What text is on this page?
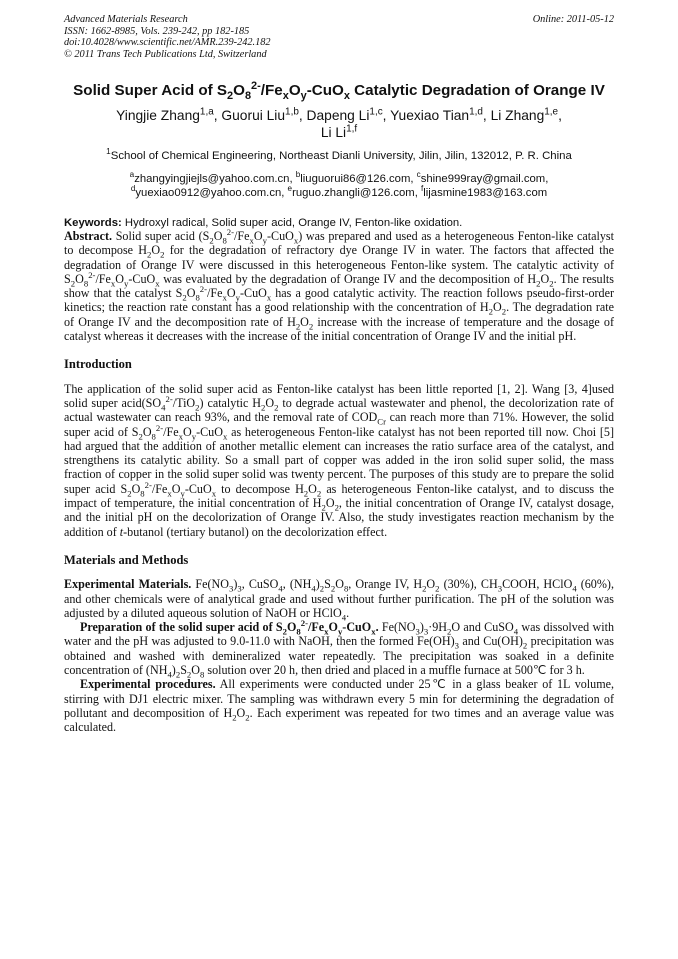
Advanced Materials Research
ISSN: 1662-8985, Vols. 239-242, pp 182-185
doi:10.4028/www.scientific.net/AMR.239-242.182
© 2011 Trans Tech Publications Ltd, Switzerland
Online: 2011-05-12
Solid Super Acid of $S_2O_8^{2-}/Fe_xO_y-CuO_x$ Catalytic Degradation of Orange IV
Yingjie Zhang$^{1,a}$, Guorui Liu$^{1,b}$, Dapeng Li$^{1,c}$, Yuexiao Tian$^{1,d}$, Li Zhang$^{1,e}$,
Li Li$^{1,f}$
$^1$School of Chemical Engineering, Northeast Dianli University, Jilin, Jilin, 132012, P. R. China
$^a$zhangyingjiejls@yahoo.com.cn, $^b$liuguorui86@126.com, $^c$shine999ray@gmail.com,
$^d$yuexiao0912@yahoo.com.cn, $^e$ruguo.zhangli@126.com, $^f$lijasmine1983@163.com
Keywords: Hydroxyl radical, Solid super acid, Orange IV, Fenton-like oxidation.

Abstract. Solid super acid $(S_2O_8^{2-}/Fe_xO_y-CuO_x)$ was prepared and used as a heterogeneous Fenton-like catalyst to decompose $H_2O_2$ for the degradation of refractory dye Orange IV in water. The factors that affected the degradation of Orange IV were discussed in this heterogeneous Fenton-like system. The catalytic activity of $S_2O_8^{2-}/Fe_xO_y-CuO_x$ was evaluated by the degradation of Orange IV and the decomposition of $H_2O_2$. The results show that the catalyst $S_2O_8^{2-}/Fe_xO_y-CuO_x$ has a good catalytic activity. The reaction follows pseudo-first-order kinetics; the reaction rate constant has a good relationship with the concentration of $H_2O_2$. The degradation rate of Orange IV and the decomposition rate of $H_2O_2$ increase with the increase of temperature and the dosage of catalyst whereas it decreases with the increase of the initial concentration of Orange IV and the initial pH.

Introduction

The application of the solid super acid as Fenton-like catalyst has been little reported [1, 2]. Wang [3, 4]used solid super $acid(SO_4^{2-}/TiO_2)$ catalytic $H_2O_2$ to degrade actual wastewater and phenol, the decolorization rate of actual wastewater can reach 93%, and the removal rate of $COD_{Cr}$ can reach more than 71%. However, the solid super acid of $S_2O_8^{2-}/Fe_xO_y-CuO_x$ as heterogeneous Fenton-like catalyst has not been reported till now. Choi [5] had argued that the addition of another metallic element can increases the ratio surface area of the catalyst, and strengthens its catalytic ability. So a small part of copper was added in the iron solid super solid, the mass fraction of copper in the solid super solid was twenty percent. The purposes of this study are to prepare the solid super acid $S_2O_8^{2-}/Fe_xO_y-CuO_x$ to decompose $H_2O_2$ as heterogeneous Fenton-like catalyst, and to discuss the impact of temperature, the initial concentration of $H_2O_2$, the initial concentration of Orange IV, catalyst dosage, and the initial pH on the decolorization of Orange IV. Also, the study investigates reaction mechanism by the addition of t-butanol (tertiary butanol) on the decolorization effect.

Materials and Methods

Experimental Materials. $Fe(NO_3)_3$, CuSO$_4$, $(NH_4)_2S_2O_8$, Orange IV, $H_2O_2$ (30%), $CH_3COOH$, HClO$_4$ (60%), and other chemicals were of analytical grade and used without further purification. The pH of the solution was adjusted by a diluted aqueous solution of NaOH or HClO$_4$.

Preparation of the solid super acid of $S_2O_8^{2-}/Fe_xO_y-CuO_x$. $Fe(NO_3)_3\cdot 9H_2O$ and CuSO$_4$ was dissolved with water and the pH was adjusted to 9.0-11.0 with NaOH, then the formed $Fe(OH)_3$ and $Cu(OH)_2$ precipitation was obtained and washed with demineralized water repeatedly. The precipitation was soaked in a definite concentration of $(NH_4)_2S_2O_8$ solution over 20 h, then dried and placed in a muffle furnace at 500℃ for 3 h.

Experimental procedures. All experiments were conducted under 25℃ in a glass beaker of 1L volume, stirring with DJ1 electric mixer. The sampling was withdrawn every 5 min for determining the degradation of pollutant and decomposition of $H_2O_2$. Each experiment was repeated for two times and an average value was calculated.
